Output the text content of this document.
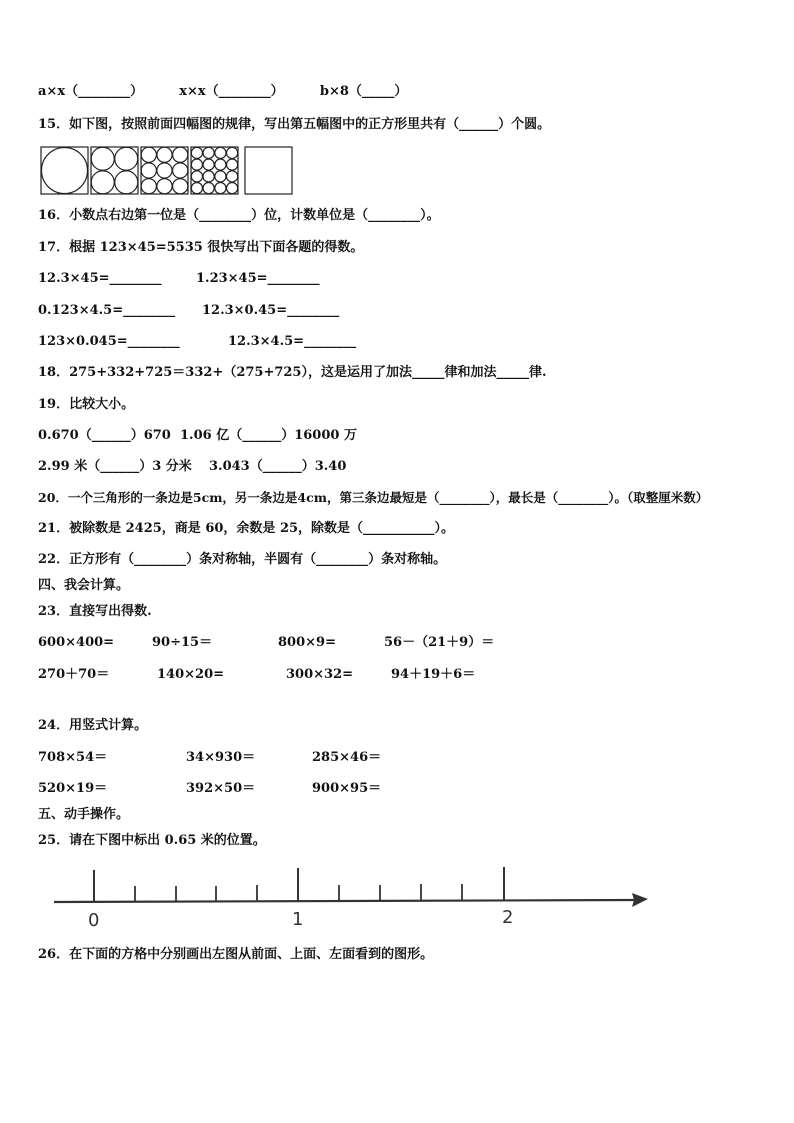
a×x（________）        x×x（________）        b×8（_____）
15．如下图，按照前面四幅图的规律，写出第五幅图中的正方形里共有（______）个圆。
16．小数点右边第一位是（________）位，计数单位是（________）。
17．根据 123×45=5535 很快写出下面各题的得数。
12.3×45=________	1.23×45=________
0.123×4.5=________ 12.3×0.45=________
123×0.045=________	12.3×4.5=________
18．275+332+725＝332+（275+725），这是运用了加法_____律和加法_____律.
19．比较大小。
0.670（______）670 1.06 亿（______）16000 万
2.99 米（______）3 分米 3.043（______）3.40
20．一个三角形的一条边是5cm，另一条边是4cm，第三条边最短是（________），最长是（________）。（取整厘米数）
21．被除数是 2425，商是 60，余数是 25，除数是（___________）。
22．正方形有（________）条对称轴，半圆有（________）条对称轴。
四、我会计算。
23．直接写出得数.
600×400=	90÷15＝	800×9=	56－（21＋9）＝
270＋70＝	140×20=	300×32=	94＋19＋6＝
24．用竖式计算。
708×54＝	34×930＝	285×46＝
520×19＝	392×50＝	900×95＝
五、动手操作。
25．请在下图中标出 0.65 米的位置。
0	1	2
26．在下面的方格中分别画出左图从前面、上面、左面看到的图形。
